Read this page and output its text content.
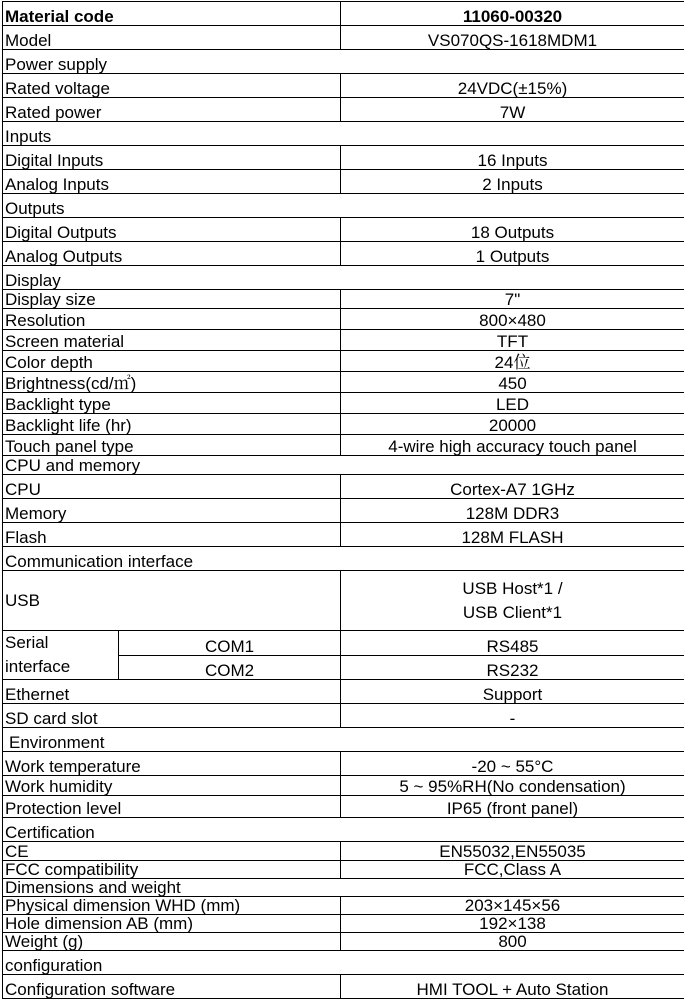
Material code		11060-00320
Model		VS070QS-1618MDM1
Power supply		
Rated voltage		24VDC(±15%)
Rated power		7W
Inputs		
Digital Inputs		16 Inputs
Analog Inputs		2 Inputs
Outputs		
Digital Outputs		18 Outputs
Analog Outputs		1 Outputs
Display		
Display size		7"
Resolution		800×480
Screen material		TFT
Color depth		24位
Brightness(cd/㎡)		450
Backlight type		LED
Backlight life (hr)		20000
Touch panel type		4-wire high accuracy touch panel
CPU and memory		
CPU		Cortex-A7 1GHz
Memory		128M DDR3
Flash		128M FLASH
Communication interface		
USB		USB Host*1 /
USB Client*1

Serial
interface	COM1	RS485
	COM2	RS232
Ethernet		Support
SD card slot		-
Environment		
Work temperature		-20 ~ 55°C
Work humidity		5 ~ 95%RH(No condensation)
Protection level		IP65 (front panel)
Certification		
CE		EN55032,EN55035
FCC compatibility		FCC,Class A
Dimensions and weight		
Physical dimension WHD (mm)		203×145×56
Hole dimension AB (mm)		192×138
Weight (g)		800
configuration		
Configuration software		HMI TOOL + Auto Station
